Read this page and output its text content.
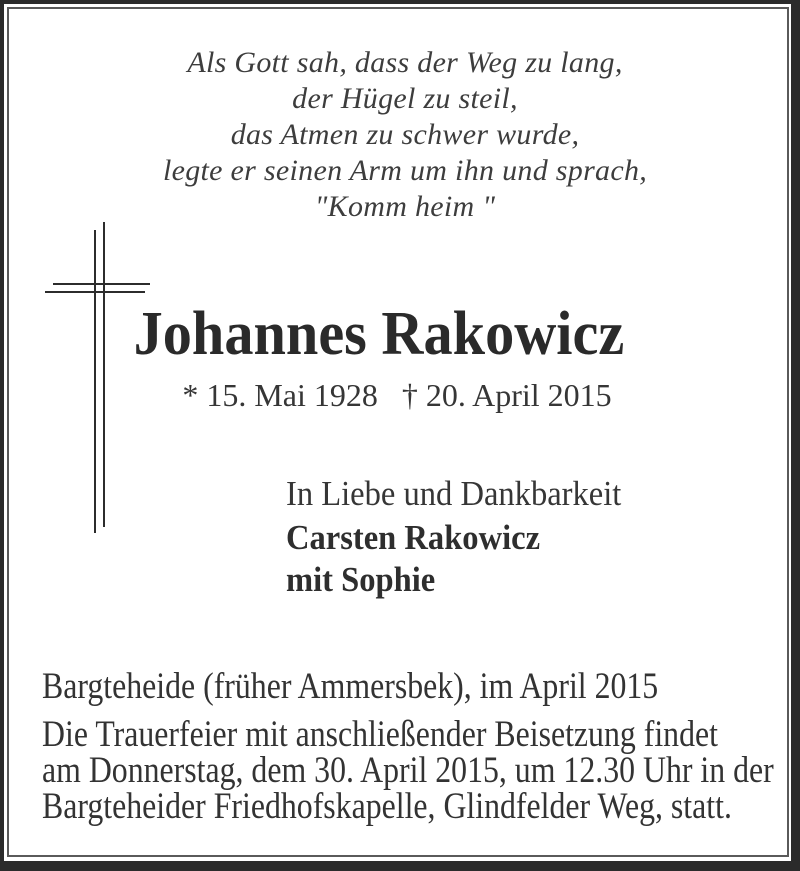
Als Gott sah, dass der Weg zu lang,
der Hügel zu steil,
das Atmen zu schwer wurde,
legte er seinen Arm um ihn und sprach,
"Komm heim "
Johannes Rakowicz
* 15. Mai 1928 † 20. April 2015
In Liebe und Dankbarkeit
Carsten Rakowicz
mit Sophie
Bargteheide (früher Ammersbek), im April 2015
Die Trauerfeier mit anschließender Beisetzung findet
am Donnerstag, dem 30. April 2015, um 12.30 Uhr in der
Bargteheider Friedhofskapelle, Glindfelder Weg, statt.
